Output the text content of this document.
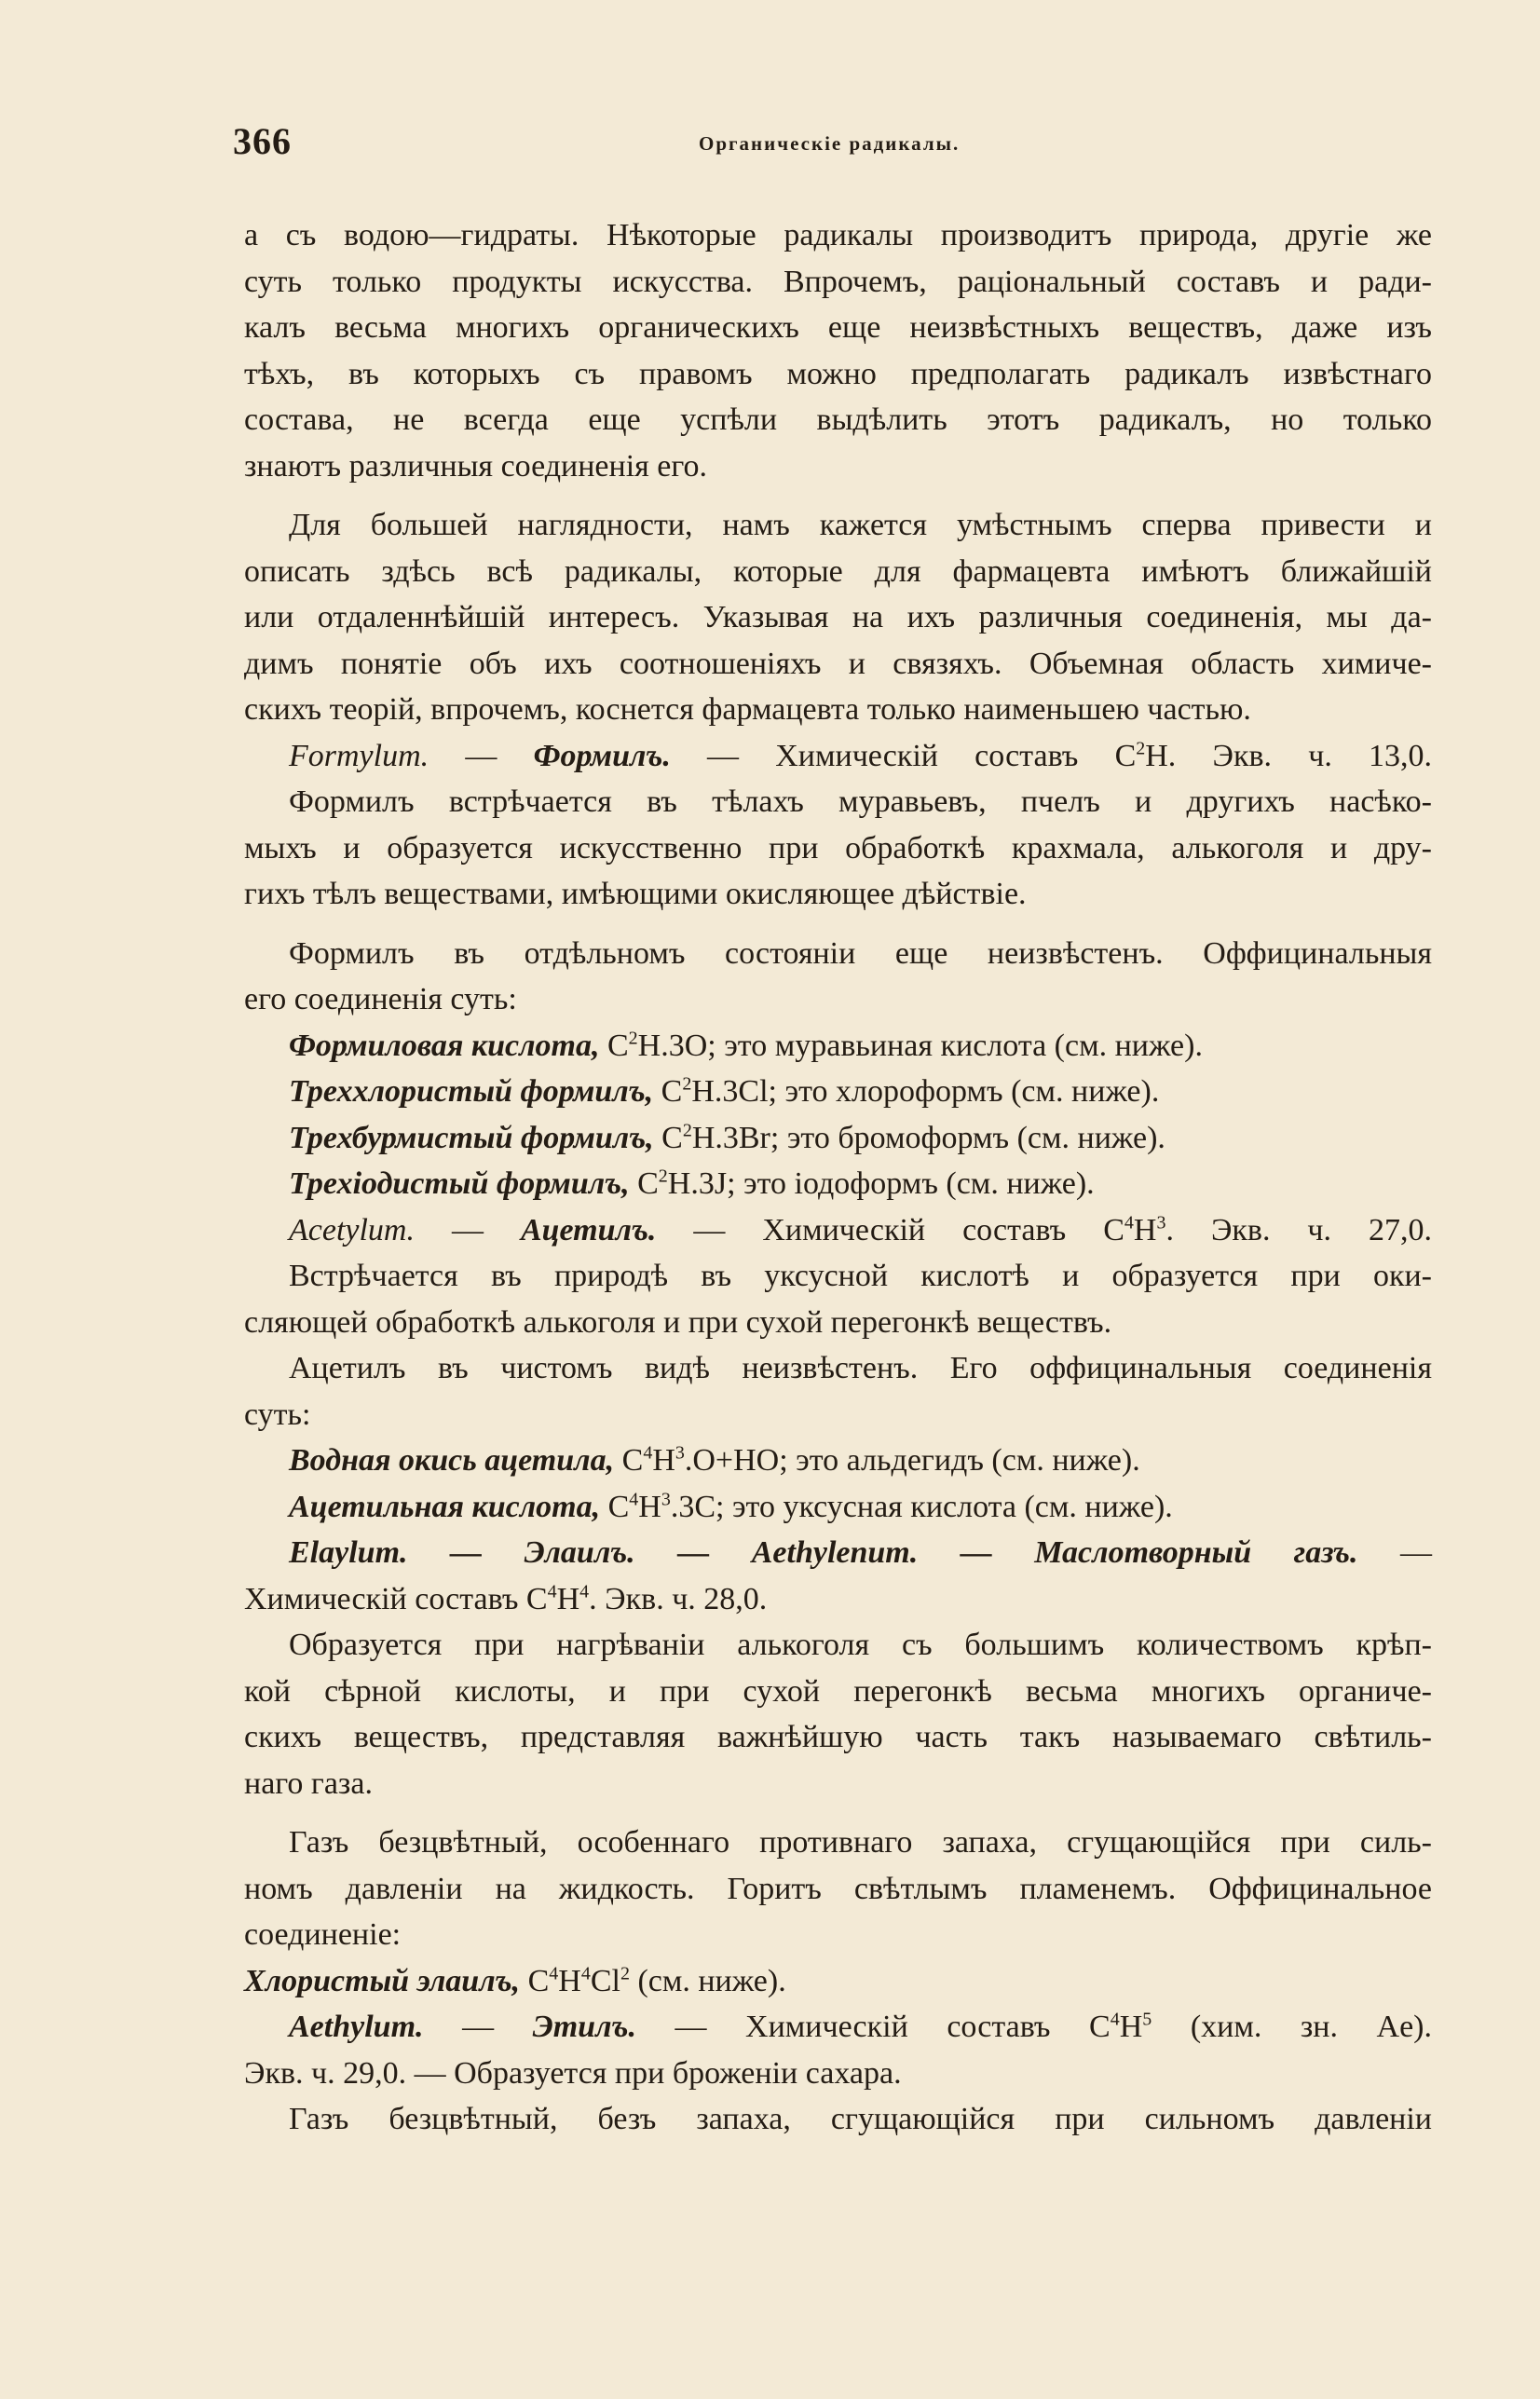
366	Органическіе радикалы.
а съ водою—гидраты. Нѣкоторые радикалы производитъ природа, другіе же
суть только продукты искусства. Впрочемъ, раціональный составъ и ради-
калъ весьма многихъ органическихъ еще неизвѣстныхъ веществъ, даже изъ
тѣхъ, въ которыхъ съ правомъ можно предполагать радикалъ извѣстнаго
состава, не всегда еще успѣли выдѣлить этотъ радикалъ, но только
знаютъ различныя соединенія его.
Для большей наглядности, намъ кажется умѣстнымъ сперва привести и
описать здѣсь всѣ радикалы, которые для фармацевта имѣютъ ближайшій
или отдаленнѣйшій интересъ. Указывая на ихъ различныя соединенія, мы да-
димъ понятіе объ ихъ соотношеніяхъ и связяхъ. Объемная область химиче-
скихъ теорій, впрочемъ, коснется фармацевта только наименьшею частью.
Formylum. — Формилъ. — Химическій составъ $C^2H$. Экв. ч. 13,0.
Формилъ встрѣчается въ тѣлахъ муравьевъ, пчелъ и другихъ насѣко-
мыхъ и образуется искусственно при обработкѣ крахмала, алькоголя и дру-
гихъ тѣлъ веществами, имѣющими окисляющее дѣйствіе.
Формилъ въ отдѣльномъ состояніи еще неизвѣстенъ. Оффицинальныя
его соединенія суть:
Формиловая кислота, $C^2H.3O$; это муравьиная кислота (см. ниже).
Треххлористый формилъ, $C^2H.3Cl$; это хлороформъ (см. ниже).
Трехбурмистый формилъ, $C^2H.3Br$; это бромоформъ (см. ниже).
Трехіодистый формилъ, $C^2H.3J$; это іодоформъ (см. ниже).
Acetylum. — Ацетилъ. — Химическій составъ $C^4H^3$. Экв. ч. 27,0.
Встрѣчается въ природѣ въ уксусной кислотѣ и образуется при оки-
сляющей обработкѣ алькоголя и при сухой перегонкѣ веществъ.
Ацетилъ въ чистомъ видѣ неизвѣстенъ. Его оффицинальныя соединенія
суть:
Водная окись ацетила, $C^4H^3.O+HO$; это альдегидъ (см. ниже).
Ацетильная кислота, $C^4H^3.3C$; это уксусная кислота (см. ниже).
Elaylum. — Элаилъ. — Aethylenum. — Маслотворный газъ. —
Химическій составъ $C^4H^4$. Экв. ч. 28,0.
Образуется при нагрѣваніи алькоголя съ большимъ количествомъ крѣп-
кой сѣрной кислоты, и при сухой перегонкѣ весьма многихъ органиче-
скихъ веществъ, представляя важнѣйшую часть такъ называемаго свѣтиль-
наго газа.
Газъ безцвѣтный, особеннаго противнаго запаха, сгущающійся при силь-
номъ давленіи на жидкость. Горитъ свѣтлымъ пламенемъ. Оффицинальное
соединеніе:
Хлористый элаилъ, $C^4H^4Cl^2$ (см. ниже).
Aethylum. — Этилъ. — Химическій составъ $C^4H^5$ (хим. зн. Ae).
Экв. ч. 29,0. — Образуется при броженіи сахара.
Газъ безцвѣтный, безъ запаха, сгущающійся при сильномъ давленіи
